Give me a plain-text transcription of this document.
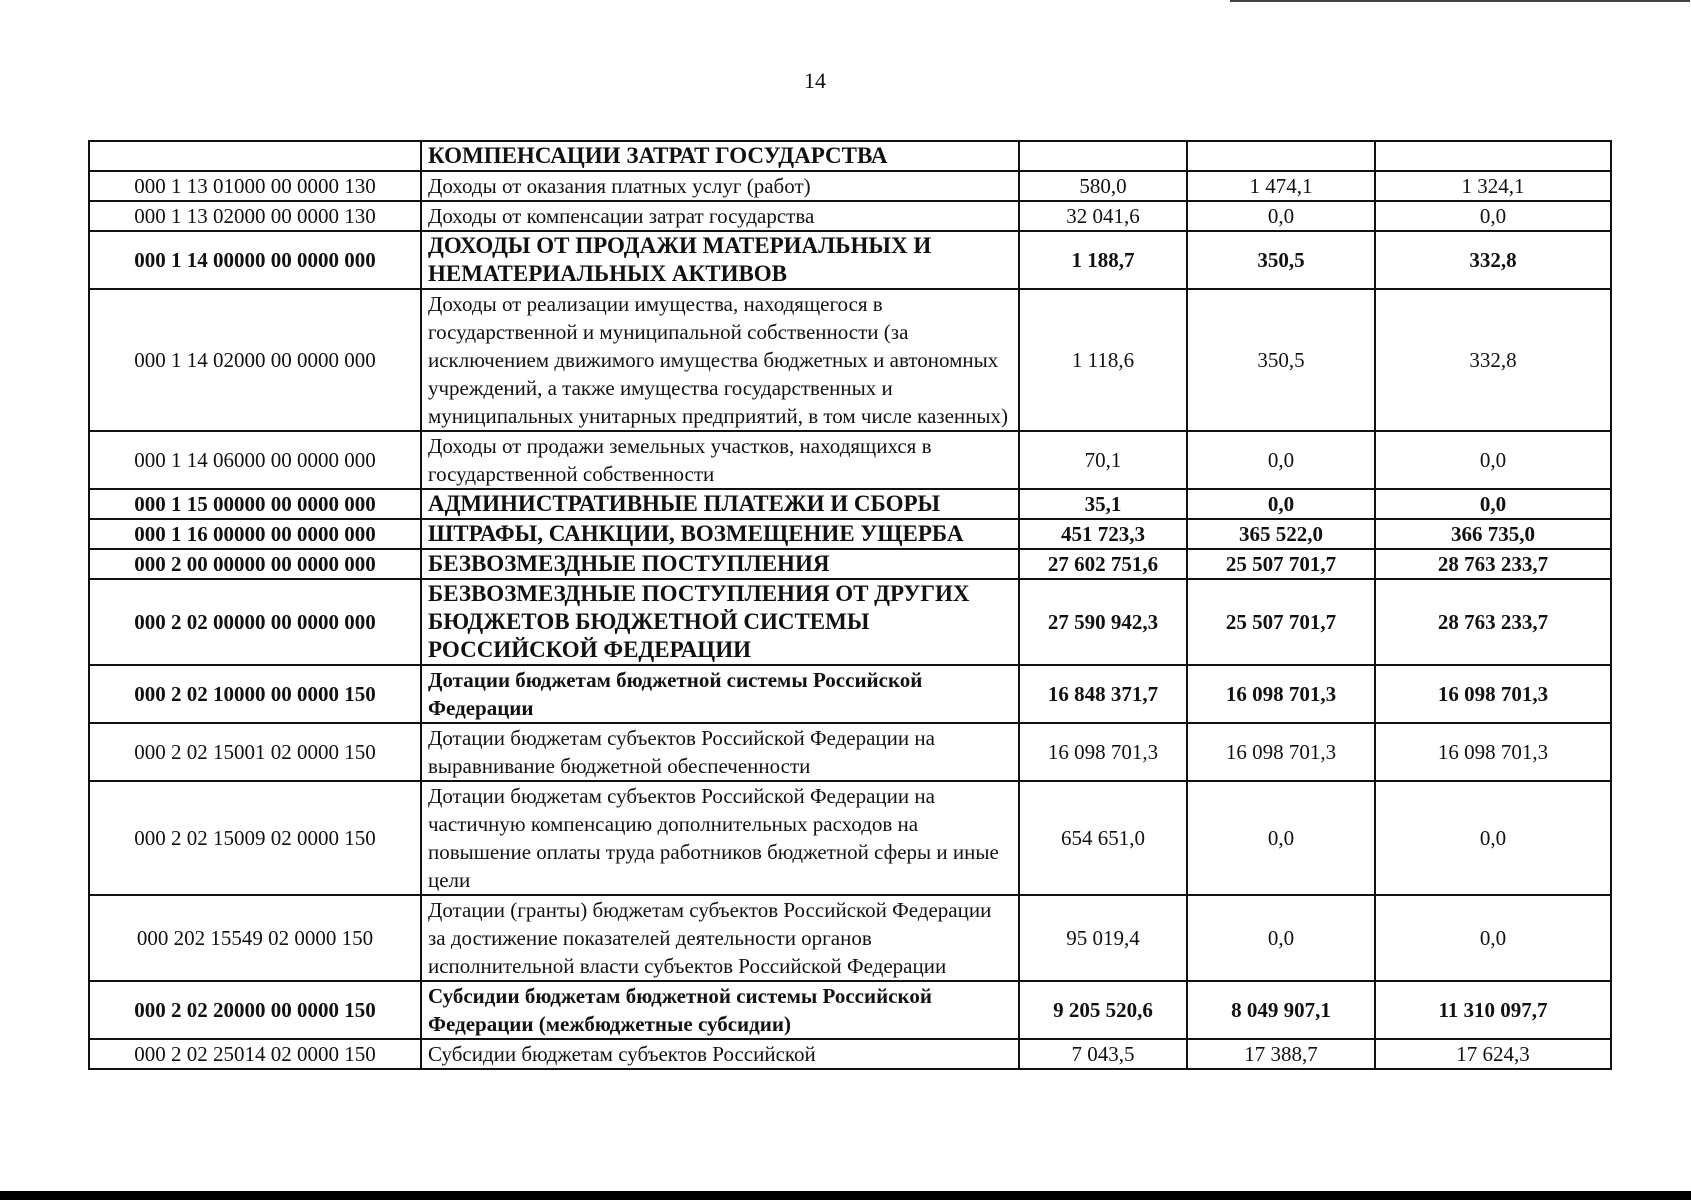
14
	КОМПЕНСАЦИИ ЗАТРАТ ГОСУДАРСТВА			
000 1 13 01000 00 0000 130	Доходы от оказания платных услуг (работ)	580,0	1 474,1	1 324,1
000 1 13 02000 00 0000 130	Доходы от компенсации затрат государства	32 041,6	0,0	0,0
000 1 14 00000 00 0000 000	ДОХОДЫ ОТ ПРОДАЖИ МАТЕРИАЛЬНЫХ И НЕМАТЕРИАЛЬНЫХ АКТИВОВ	1 188,7	350,5	332,8
000 1 14 02000 00 0000 000	Доходы от реализации имущества, находящегося в государственной и муниципальной собственности (за исключением движимого имущества бюджетных и автономных учреждений, а также имущества государственных и муниципальных унитарных предприятий, в том числе казенных)	1 118,6	350,5	332,8
000 1 14 06000 00 0000 000	Доходы от продажи земельных участков, находящихся в государственной собственности	70,1	0,0	0,0
000 1 15 00000 00 0000 000	АДМИНИСТРАТИВНЫЕ ПЛАТЕЖИ И СБОРЫ	35,1	0,0	0,0
000 1 16 00000 00 0000 000	ШТРАФЫ, САНКЦИИ, ВОЗМЕЩЕНИЕ УЩЕРБА	451 723,3	365 522,0	366 735,0
000 2 00 00000 00 0000 000	БЕЗВОЗМЕЗДНЫЕ ПОСТУПЛЕНИЯ	27 602 751,6	25 507 701,7	28 763 233,7
000 2 02 00000 00 0000 000	БЕЗВОЗМЕЗДНЫЕ ПОСТУПЛЕНИЯ ОТ ДРУГИХ БЮДЖЕТОВ БЮДЖЕТНОЙ СИСТЕМЫ РОССИЙСКОЙ ФЕДЕРАЦИИ	27 590 942,3	25 507 701,7	28 763 233,7
000 2 02 10000 00 0000 150	Дотации бюджетам бюджетной системы Российской Федерации	16 848 371,7	16 098 701,3	16 098 701,3
000 2 02 15001 02 0000 150	Дотации бюджетам субъектов Российской Федерации на выравнивание бюджетной обеспеченности	16 098 701,3	16 098 701,3	16 098 701,3
000 2 02 15009 02 0000 150	Дотации бюджетам субъектов Российской Федерации на частичную компенсацию дополнительных расходов на повышение оплаты труда работников бюджетной сферы и иные цели	654 651,0	0,0	0,0
000 202 15549 02 0000 150	Дотации (гранты) бюджетам субъектов Российской Федерации за достижение показателей деятельности органов исполнительной власти субъектов Российской Федерации	95 019,4	0,0	0,0
000 2 02 20000 00 0000 150	Субсидии бюджетам бюджетной системы Российской Федерации (межбюджетные субсидии)	9 205 520,6	8 049 907,1	11 310 097,7
000 2 02 25014 02 0000 150	Субсидии бюджетам субъектов Российской	7 043,5	17 388,7	17 624,3
